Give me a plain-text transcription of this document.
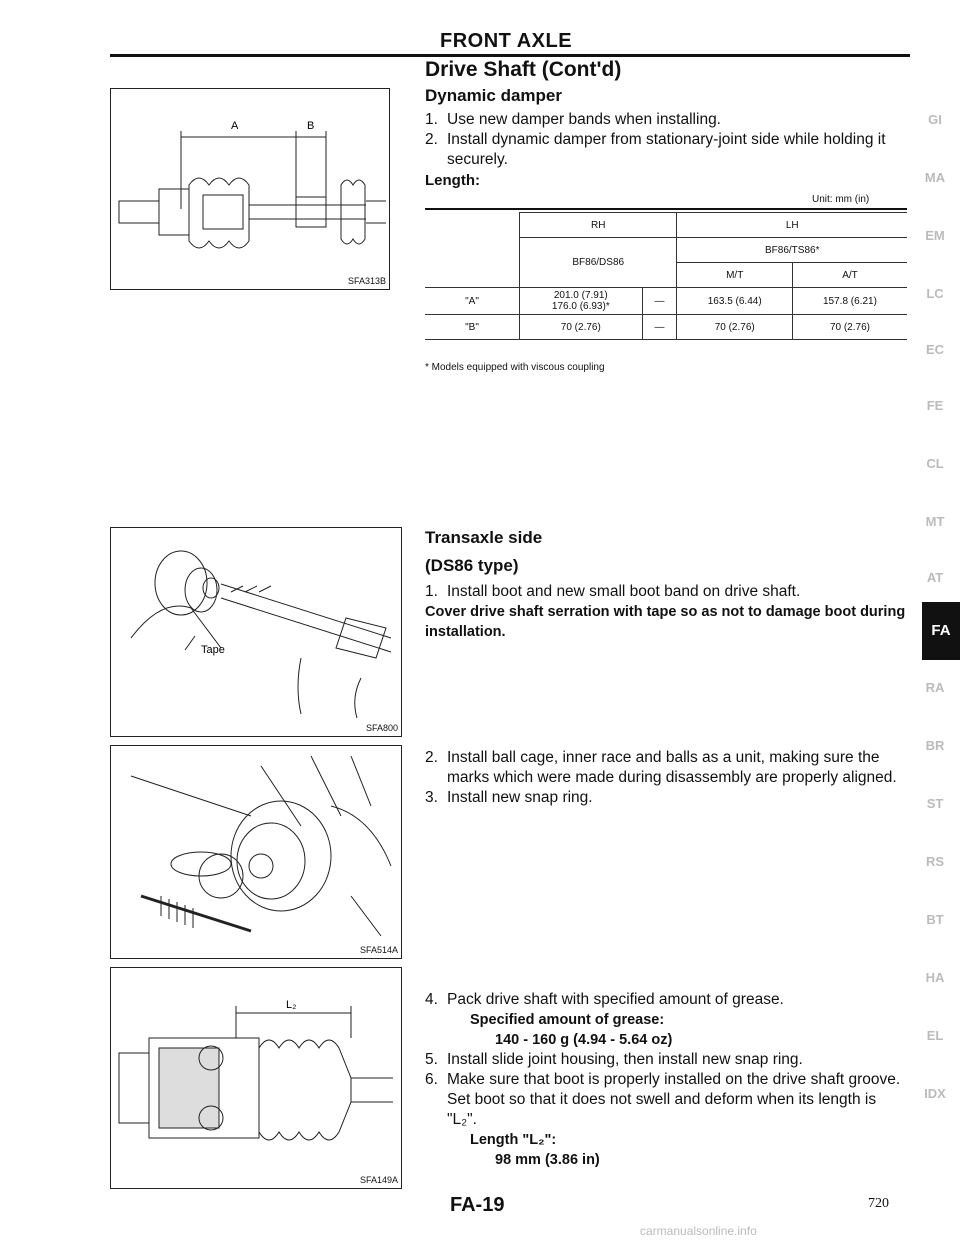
FRONT AXLE
Drive Shaft (Cont'd)
A	B
SFA313B
Dynamic damper
1. Use new damper bands when installing.
2. Install dynamic damper from stationary-joint side while holding it securely.
Length:
Unit: mm (in)
	RH		LH	
	BF86/DS86		BF86/TS86*	
			M/T	A/T
"A"	201.0 (7.91)
176.0 (6.93)*	—	163.5 (6.44)	157.8 (6.21)
"B"	70 (2.76)	—	70 (2.76)	70 (2.76)
* Models equipped with viscous coupling
Tape
SFA800
Transaxle side
(DS86 type)
1. Install boot and new small boot band on drive shaft.
Cover drive shaft serration with tape so as not to damage boot during installation.
SFA514A
2. Install ball cage, inner race and balls as a unit, making sure the marks which were made during disassembly are properly aligned.
3. Install new snap ring.
L₂
SFA149A
4. Pack drive shaft with specified amount of grease.
Specified amount of grease:
140 - 160 g (4.94 - 5.64 oz)
5. Install slide joint housing, then install new snap ring.
6. Make sure that boot is properly installed on the drive shaft groove.
Set boot so that it does not swell and deform when its length is "L₂".
Length "L₂":
98 mm (3.86 in)
GI
MA
EM
LC
EC
FE
CL
MT
AT
FA
RA
BR
ST
RS
BT
HA
EL
IDX
FA-19	720
carmanualsonline.info
